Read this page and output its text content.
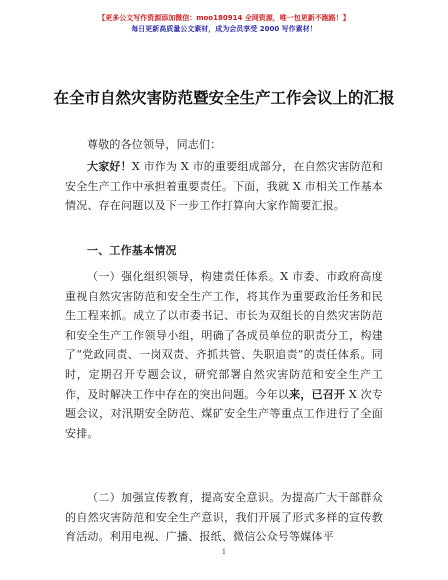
【更多公文写作资源添加微信：moo180914 全网资源，唯一包更新不跑路！】
每日更新高质量公文素材，成为会员享受 2000 写作素材！
在全市自然灾害防范暨安全生产工作会议上的汇报
尊敬的各位领导，同志们：
大家好！X 市作为 X 市的重要组成部分，在自然灾害防范和安全生产工作中承担着重要责任。下面，我就 X 市相关工作基本情况、存在问题以及下一步工作打算向大家作简要汇报。
一、工作基本情况
（一）强化组织领导，构建责任体系。X 市委、市政府高度重视自然灾害防范和安全生产工作，将其作为重要政治任务和民生工程来抓。成立了以市委书记、市长为双组长的自然灾害防范和安全生产工作领导小组，明确了各成员单位的职责分工，构建了“党政同责、一岗双责、齐抓共管、失职追责”的责任体系。同时，定期召开专题会议，研究部署自然灾害防范和安全生产工作，及时解决工作中存在的突出问题。今年以来，已召开 X 次专题会议，对汛期安全防范、煤矿安全生产等重点工作进行了全面安排。
（二）加强宣传教育，提高安全意识。为提高广大干部群众的自然灾害防范和安全生产意识，我们开展了形式多样的宣传教育活动。利用电视、广播、报纸、微信公众号等媒体平
1
